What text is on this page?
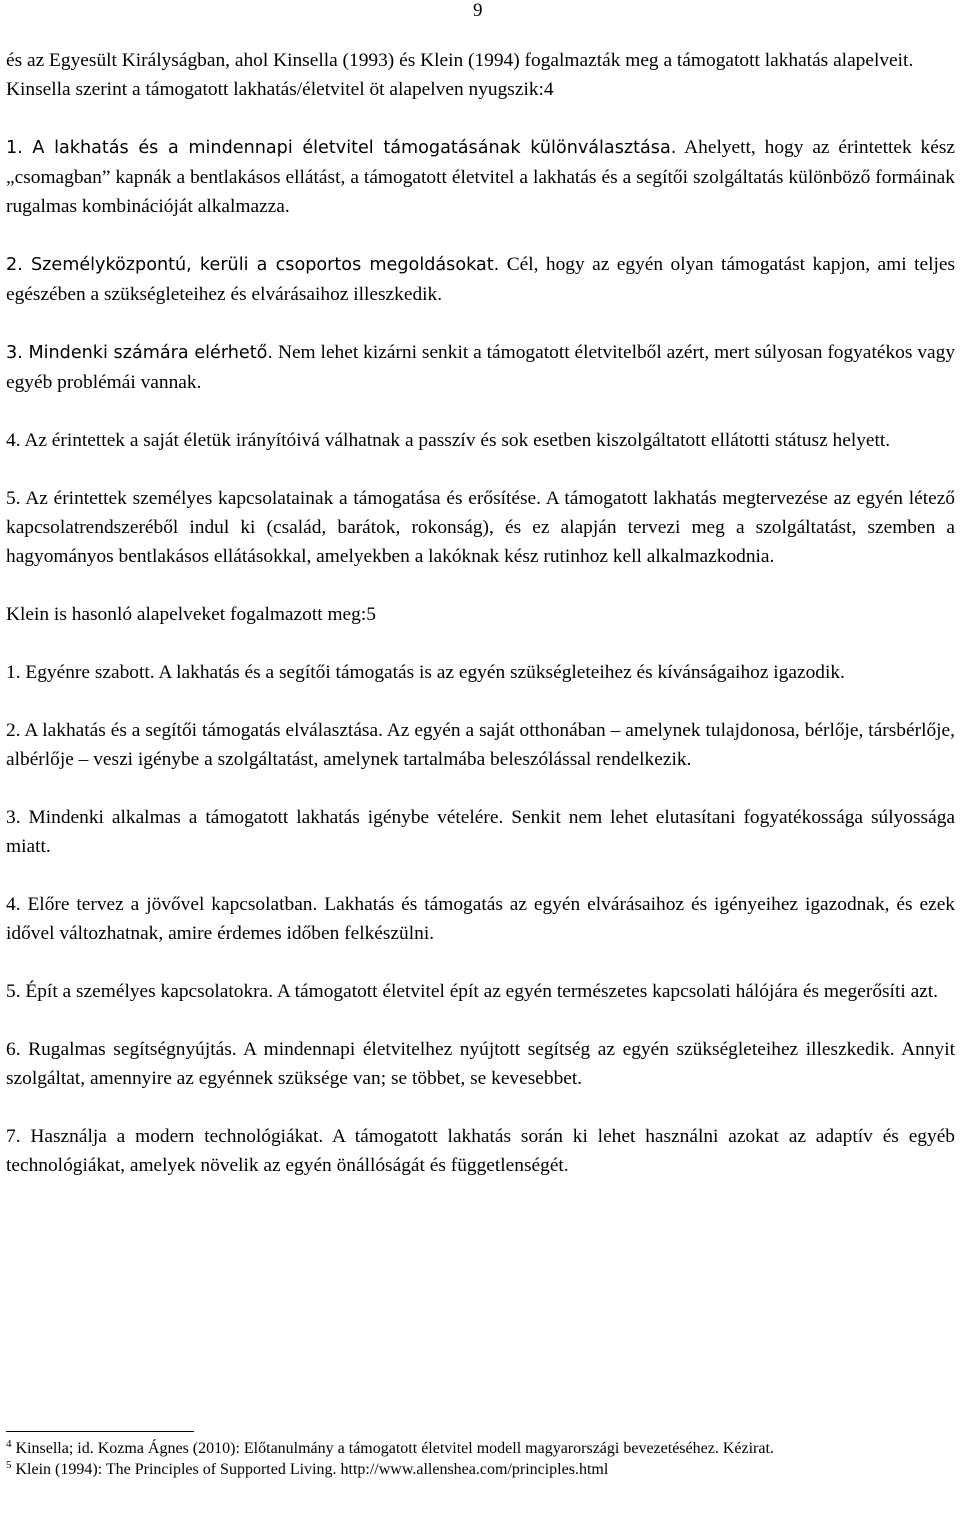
9

és az Egyesült Királyságban, ahol Kinsella (1993) és Klein (1994) fogalmazták meg a támogatott lakhatás alapelveit.

Kinsella szerint a támogatott lakhatás/életvitel öt alapelven nyugszik:4

1. A lakhatás és a mindennapi életvitel támogatásának különválasztása. Ahelyett, hogy az érintettek kész „csomagban” kapnák a bentlakásos ellátást, a támogatott életvitel a lakhatás és a segítői szolgáltatás különböző formáinak rugalmas kombinációját alkalmazza.

2. Személyközpontú, kerüli a csoportos megoldásokat. Cél, hogy az egyén olyan támogatást kapjon, ami teljes egészében a szükségleteihez és elvárásaihoz illeszkedik.

3. Mindenki számára elérhető. Nem lehet kizárni senkit a támogatott életvitelből azért, mert súlyosan fogyatékos vagy egyéb problémái vannak.

4. Az érintettek a saját életük irányítóivá válhatnak a passzív és sok esetben kiszolgáltatott ellátotti státusz helyett.

5. Az érintettek személyes kapcsolatainak a támogatása és erősítése. A támogatott lakhatás megtervezése az egyén létező kapcsolatrendszeréből indul ki (család, barátok, rokonság), és ez alapján tervezi meg a szolgáltatást, szemben a hagyományos bentlakásos ellátásokkal, amelyekben a lakóknak kész rutinhoz kell alkalmazkodnia.

Klein is hasonló alapelveket fogalmazott meg:5

1. Egyénre szabott. A lakhatás és a segítői támogatás is az egyén szükségleteihez és kívánságaihoz igazodik.

2. A lakhatás és a segítői támogatás elválasztása. Az egyén a saját otthonában – amelynek tulajdonosa, bérlője, társbérlője, albérlője – veszi igénybe a szolgáltatást, amelynek tartalmába beleszólással rendelkezik.

3. Mindenki alkalmas a támogatott lakhatás igénybe vételére. Senkit nem lehet elutasítani fogyatékossága súlyossága miatt.

4. Előre tervez a jövővel kapcsolatban. Lakhatás és támogatás az egyén elvárásaihoz és igényeihez igazodnak, és ezek idővel változhatnak, amire érdemes időben felkészülni.

5. Épít a személyes kapcsolatokra. A támogatott életvitel épít az egyén természetes kapcsolati hálójára és megerősíti azt.

6. Rugalmas segítségnyújtás. A mindennapi életvitelhez nyújtott segítség az egyén szükségleteihez illeszkedik. Annyit szolgáltat, amennyire az egyénnek szüksége van; se többet, se kevesebbet.

7. Használja a modern technológiákat. A támogatott lakhatás során ki lehet használni azokat az adaptív és egyéb technológiákat, amelyek növelik az egyén önállóságát és függetlenségét.

$^4$ Kinsella; id. Kozma Ágnes (2010): Előtanulmány a támogatott életvitel modell magyarországi bevezetéséhez. Kézirat.

$^5$ Klein (1994): The Principles of Supported Living. http://www.allenshea.com/principles.html
